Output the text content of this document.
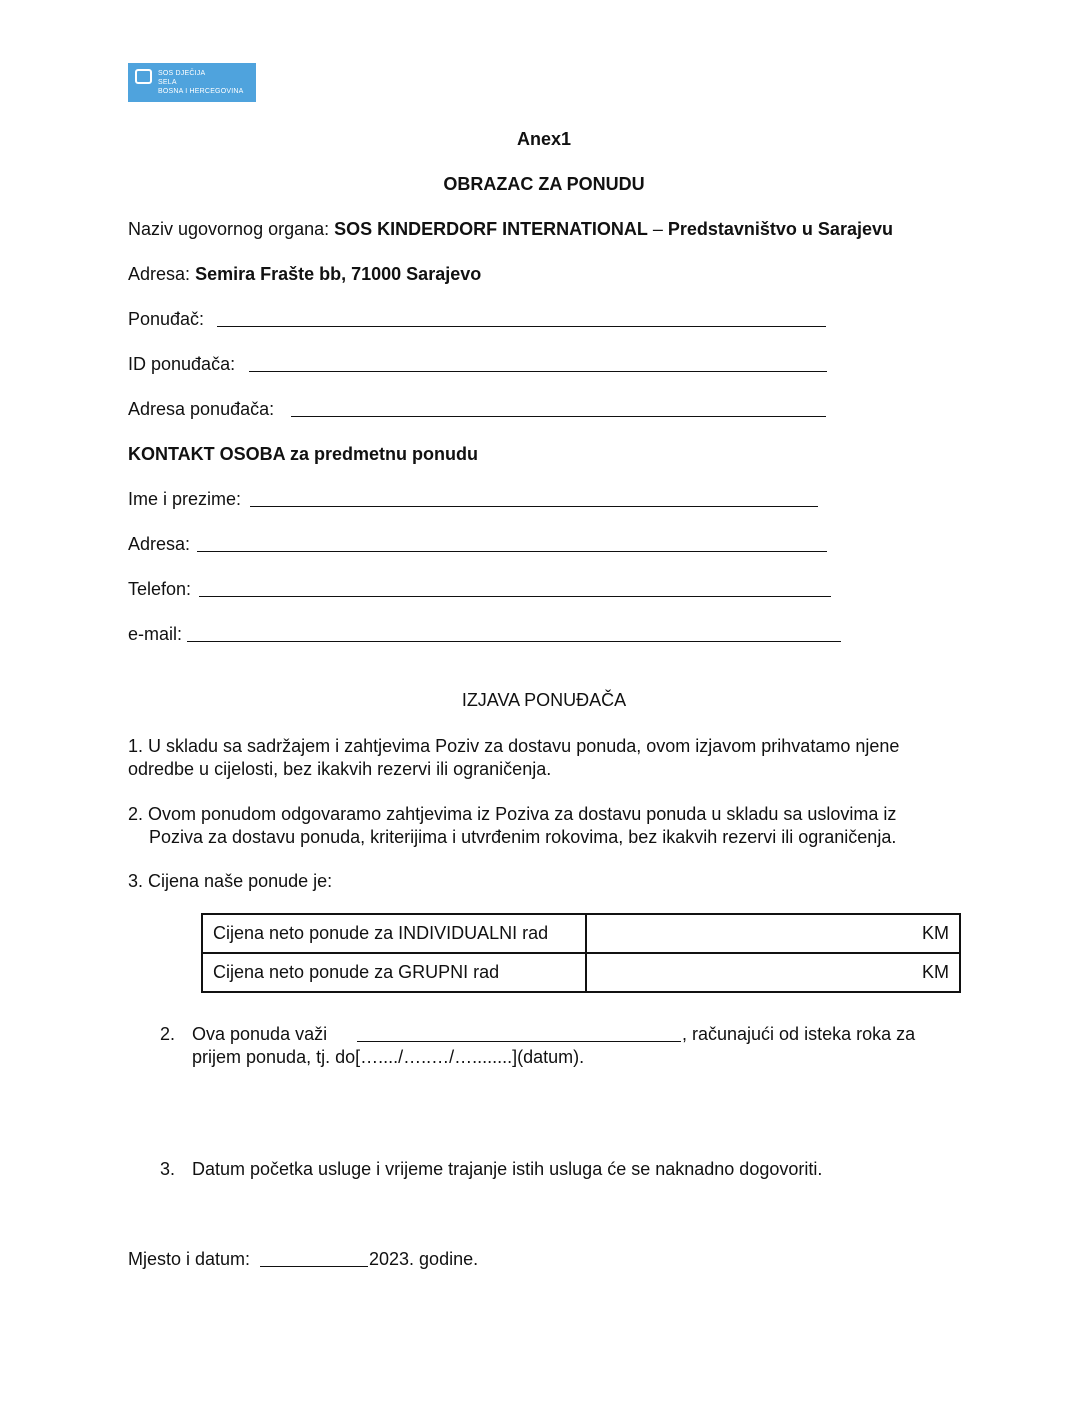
SOS DJEČIJA
SELA
BOSNA I HERCEGOVINA
Anex1
OBRAZAC ZA PONUDU
Naziv ugovornog organa: SOS KINDERDORF INTERNATIONAL – Predstavništvo u Sarajevu
Adresa: Semira Frašte bb, 71000 Sarajevo
Ponuđač:
ID ponuđača:
Adresa ponuđača:
KONTAKT OSOBA za predmetnu ponudu
Ime i prezime:
Adresa:
Telefon:
e-mail:
IZJAVA PONUĐAČA
1. U skladu sa sadržajem i zahtjevima Poziv za dostavu ponuda, ovom izjavom prihvatamo njene
odredbe u cijelosti, bez ikakvih rezervi ili ograničenja.
2. Ovom ponudom odgovaramo zahtjevima iz Poziva za dostavu ponuda u skladu sa uslovima iz
Poziva za dostavu ponuda, kriterijima i utvrđenim rokovima, bez ikakvih rezervi ili ograničenja.
3. Cijena naše ponude je:
Cijena neto ponude za INDIVIDUALNI rad	KM
Cijena neto ponude za GRUPNI rad	KM
2. Ova ponuda važi	, računajući od isteka roka za
prijem ponuda, tj. do[…..../…..…/…........](datum).
3. Datum početka usluge i vrijeme trajanje istih usluga će se naknadno dogovoriti.
Mjesto i datum:	2023. godine.
